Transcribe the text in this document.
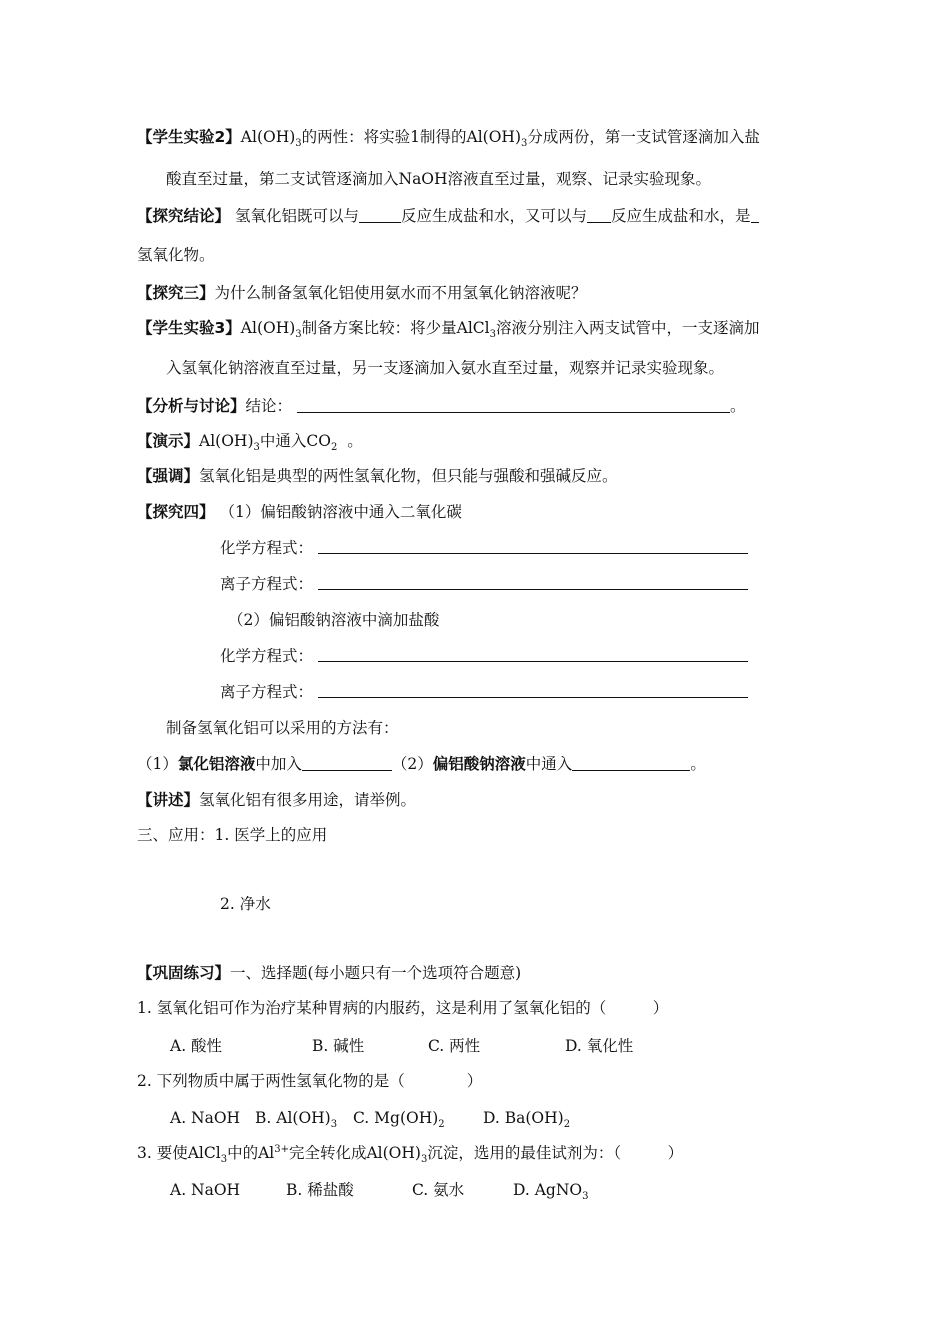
【学生实验2】$Al(OH)_3$的两性：将实验1制得的$Al(OH)_3$分成两份，第一支试管逐滴加入盐
酸直至过量，第二支试管逐滴加入NaOH溶液直至过量，观察、记录实验现象。
【探究结论】 氢氧化铝既可以与	反应生成盐和水，又可以与 反应生成盐和水，是
氢氧化物。
【探究三】为什么制备氢氧化铝使用氨水而不用氢氧化钠溶液呢？
【学生实验3】$Al(OH)_3$制备方案比较：将少量AlCl$_3$溶液分别注入两支试管中，一支逐滴加
入氢氧化钠溶液直至过量，另一支逐滴加入氨水直至过量，观察并记录实验现象。
【分析与讨论】结论：	。
【演示】$Al(OH)_3$中通入$CO_2$ 。
【强调】氢氧化铝是典型的两性氢氧化物，但只能与强酸和强碱反应。
【探究四】 （1）偏铝酸钠溶液中通入二氧化碳
化学方程式：
离子方程式：
（2）偏铝酸钠溶液中滴加盐酸
化学方程式：
离子方程式：
制备氢氧化铝可以采用的方法有：
（1）氯化铝溶液中加入	（2）偏铝酸钠溶液中通入	。
【讲述】氢氧化铝有很多用途，请举例。
三、应用：1. 医学上的应用
2. 净水
【巩固练习】一、选择题(每小题只有一个选项符合题意)
1. 氢氧化铝可作为治疗某种胃病的内服药，这是利用了氢氧化铝的（　　　）
A. 酸性	B. 碱性	C. 两性	D. 氧化性
2. 下列物质中属于两性氢氧化物的是（　　　　）
A. NaOH B. $Al(OH)_3$ C. $Mg(OH)_2$ D. $Ba(OH)_2$
3. 要使AlCl$_3$中的$Al^{3+}$完全转化成$Al(OH)_3$沉淀，选用的最佳试剂为：（　　　）
A. NaOH	B. 稀盐酸	C. 氨水	D. AgNO$_3$
